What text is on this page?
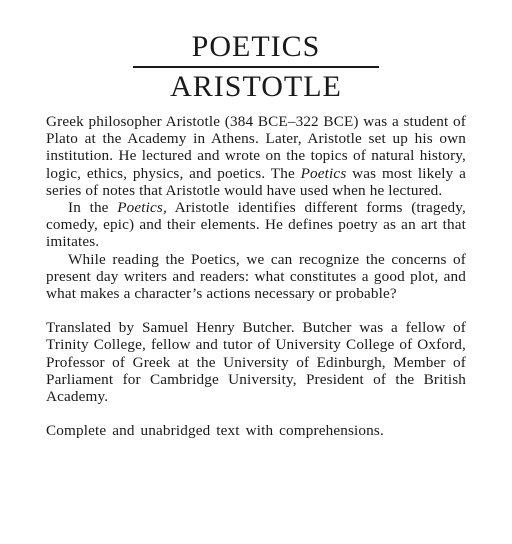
POETICS
ARISTOTLE

Greek philosopher Aristotle (384 BCE–322 BCE) was a student of Plato at the Academy in Athens. Later, Aristotle set up his own institution. He lectured and wrote on the topics of natural history, logic, ethics, physics, and poetics. The Poetics was most likely a series of notes that Aristotle would have used when he lectured.

In the Poetics, Aristotle identifies different forms (tragedy, comedy, epic) and their elements. He defines poetry as an art that imitates.

While reading the Poetics, we can recognize the concerns of present day writers and readers: what constitutes a good plot, and what makes a character’s actions necessary or probable?

Translated by Samuel Henry Butcher. Butcher was a fellow of Trinity College, fellow and tutor of University College of Oxford, Professor of Greek at the University of Edinburgh, Member of Parliament for Cambridge University, President of the British Academy.

Complete and unabridged text with comprehensions.
